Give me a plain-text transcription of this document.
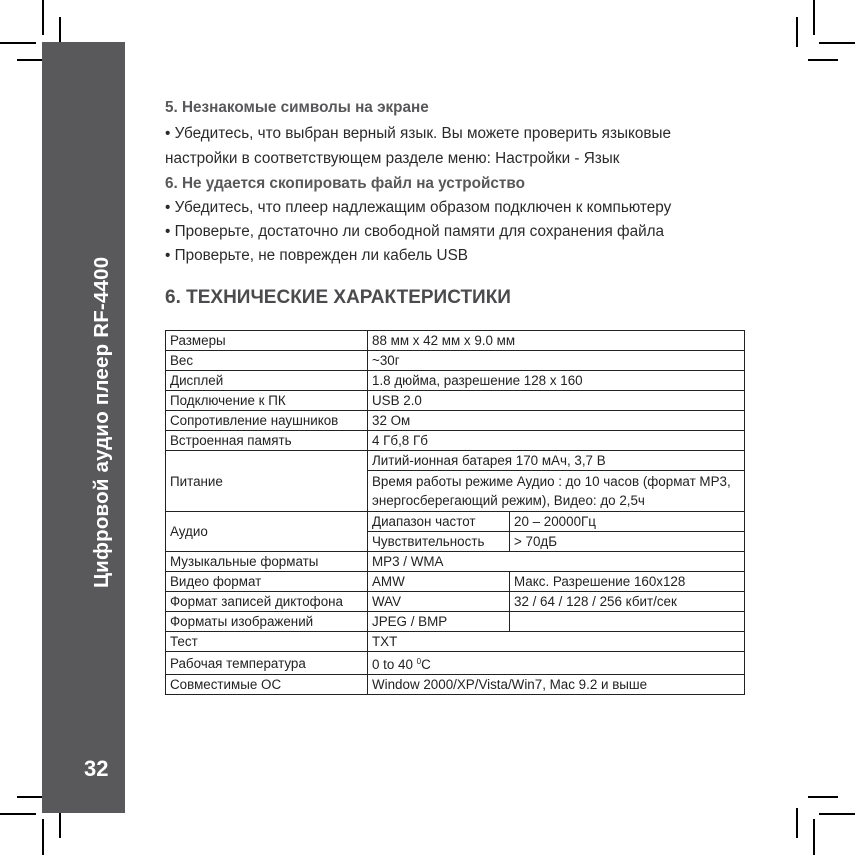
Цифровой аудио плеер RF-4400
32
5. Незнакомые символы на экране
• Убедитесь, что выбран верный язык. Вы можете проверить языковые
настройки в соответствующем разделе меню: Настройки - Язык
6. Не удается скопировать файл на устройство
• Убедитесь, что плеер надлежащим образом подключен к компьютеру
• Проверьте, достаточно ли свободной памяти для сохранения файла
• Проверьте, не поврежден ли кабель USB
6. ТЕХНИЧЕСКИЕ ХАРАКТЕРИСТИКИ
Размеры	88 мм x 42 мм x 9.0 мм	
Вес	~30г	
Дисплей	1.8 дюйма, разрешение 128 x 160	
Подключение к ПК	USB 2.0	
Сопротивление наушников	32 Ом	
Встроенная память	4 Гб,8 Гб	
Питание	Литий-ионная батарея 170 мАч, 3,7 В	
	Время работы режиме Аудио : до 10 часов (формат МР3, энергосберегающий режим), Видео: до 2,5ч	
Аудио	Диапазон частот	20 – 20000Гц
	Чувствительность	> 70дБ
Музыкальные форматы	MP3 / WMA	
Видео формат	AMW	Макс. Разрешение 160x128
Формат записей диктофона	WAV	32 / 64 / 128 / 256 кбит/сек
Форматы изображений	JPEG / BMP	
Тест	TXT	
Рабочая температура	0 to 40 $^0$C	
Совместимые ОС	Window 2000/XP/Vista/Win7, Mac 9.2 и выше	
